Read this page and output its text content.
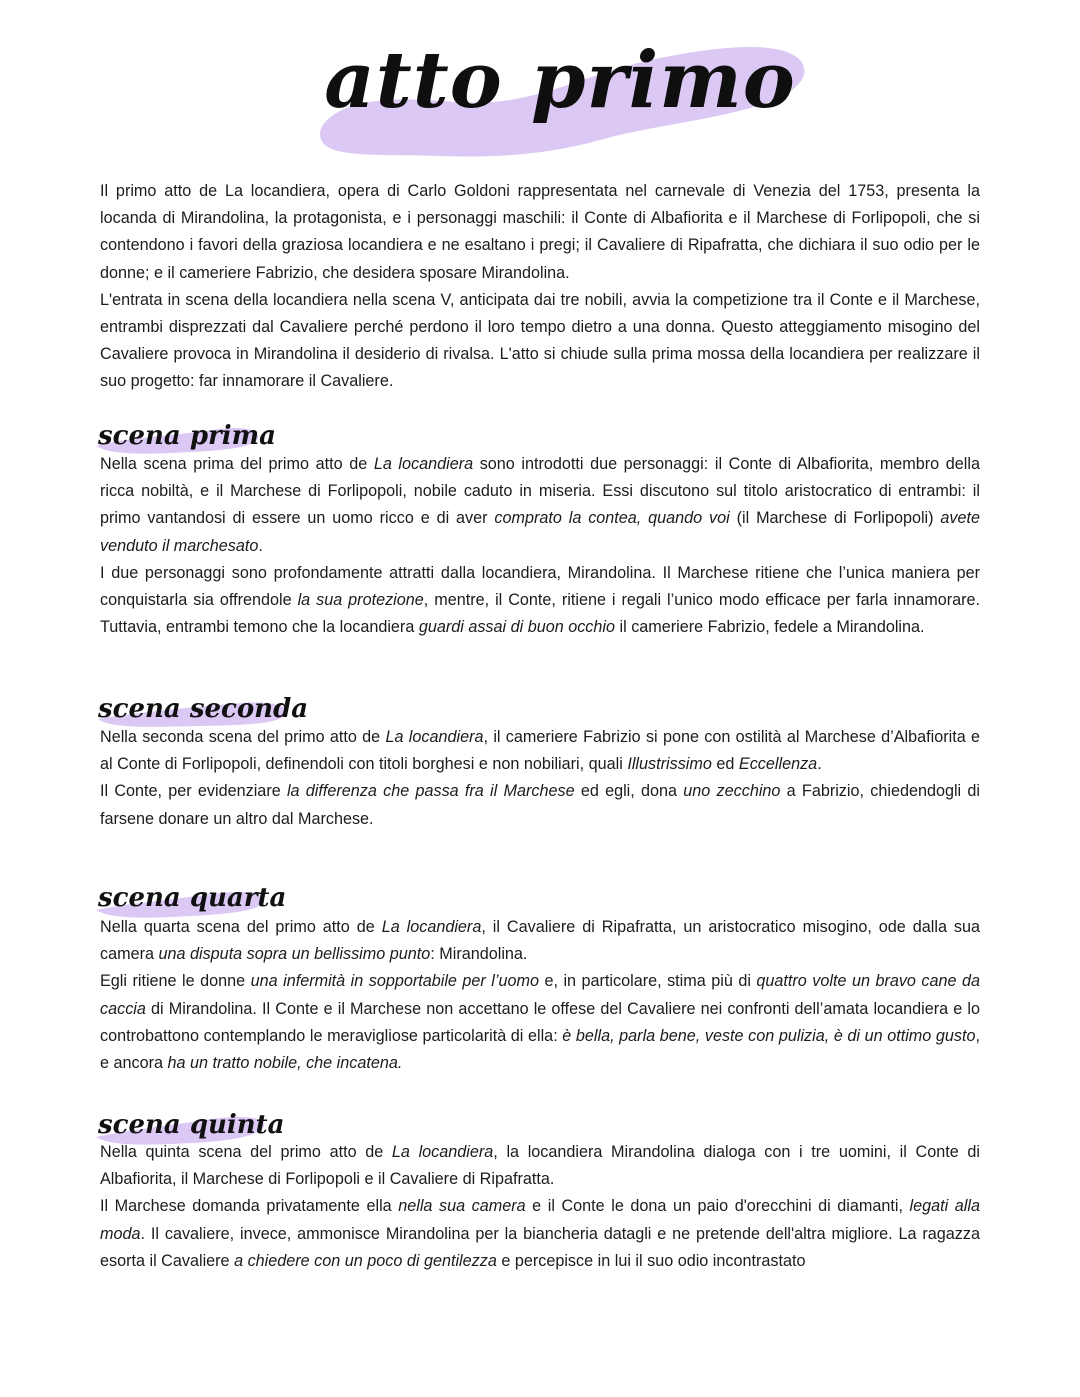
atto primo

Il primo atto de La locandiera, opera di Carlo Goldoni rappresentata nel carnevale di Venezia del 1753, presenta la locanda di Mirandolina, la protagonista, e i personaggi maschili: il Conte di Albafiorita e il Marchese di Forlipopoli, che si contendono i favori della graziosa locandiera e ne esaltano i pregi; il Cavaliere di Ripafratta, che dichiara il suo odio per le donne; e il cameriere Fabrizio, che desidera sposare Mirandolina.

L'entrata in scena della locandiera nella scena V, anticipata dai tre nobili, avvia la competizione tra il Conte e il Marchese, entrambi disprezzati dal Cavaliere perché perdono il loro tempo dietro a una donna. Questo atteggiamento misogino del Cavaliere provoca in Mirandolina il desiderio di rivalsa. L'atto si chiude sulla prima mossa della locandiera per realizzare il suo progetto: far innamorare il Cavaliere.

scena prima

Nella scena prima del primo atto de La locandiera sono introdotti due personaggi: il Conte di Albafiorita, membro della ricca nobiltà, e il Marchese di Forlipopoli, nobile caduto in miseria. Essi discutono sul titolo aristocratico di entrambi: il primo vantandosi di essere un uomo ricco e di aver comprato la contea, quando voi (il Marchese di Forlipopoli) avete venduto il marchesato.

I due personaggi sono profondamente attratti dalla locandiera, Mirandolina. Il Marchese ritiene che l’unica maniera per conquistarla sia offrendole la sua protezione, mentre, il Conte, ritiene i regali l’unico modo efficace per farla innamorare. Tuttavia, entrambi temono che la locandiera guardi assai di buon occhio il cameriere Fabrizio, fedele a Mirandolina.

scena seconda

Nella seconda scena del primo atto de La locandiera, il cameriere Fabrizio si pone con ostilità al Marchese d’Albafiorita e al Conte di Forlipopoli, definendoli con titoli borghesi e non nobiliari, quali Illustrissimo ed Eccellenza.

Il Conte, per evidenziare la differenza che passa fra il Marchese ed egli, dona uno zecchino a Fabrizio, chiedendogli di farsene donare un altro dal Marchese.

scena quarta

Nella quarta scena del primo atto de La locandiera, il Cavaliere di Ripafratta, un aristocratico misogino, ode dalla sua camera una disputa sopra un bellissimo punto: Mirandolina.

Egli ritiene le donne una infermità in sopportabile per l’uomo e, in particolare, stima più di quattro volte un bravo cane da caccia di Mirandolina. Il Conte e il Marchese non accettano le offese del Cavaliere nei confronti dell’amata locandiera e lo controbattono contemplando le meravigliose particolarità di ella: è bella, parla bene, veste con pulizia, è di un ottimo gusto, e ancora ha un tratto nobile, che incatena.

scena quinta

Nella quinta scena del primo atto de La locandiera, la locandiera Mirandolina dialoga con i tre uomini, il Conte di Albafiorita, il Marchese di Forlipopoli e il Cavaliere di Ripafratta.

Il Marchese domanda privatamente ella nella sua camera e il Conte le dona un paio d'orecchini di diamanti, legati alla moda. Il cavaliere, invece, ammonisce Mirandolina per la biancheria datagli e ne pretende dell'altra migliore. La ragazza esorta il Cavaliere a chiedere con un poco di gentilezza e percepisce in lui il suo odio incontrastato
